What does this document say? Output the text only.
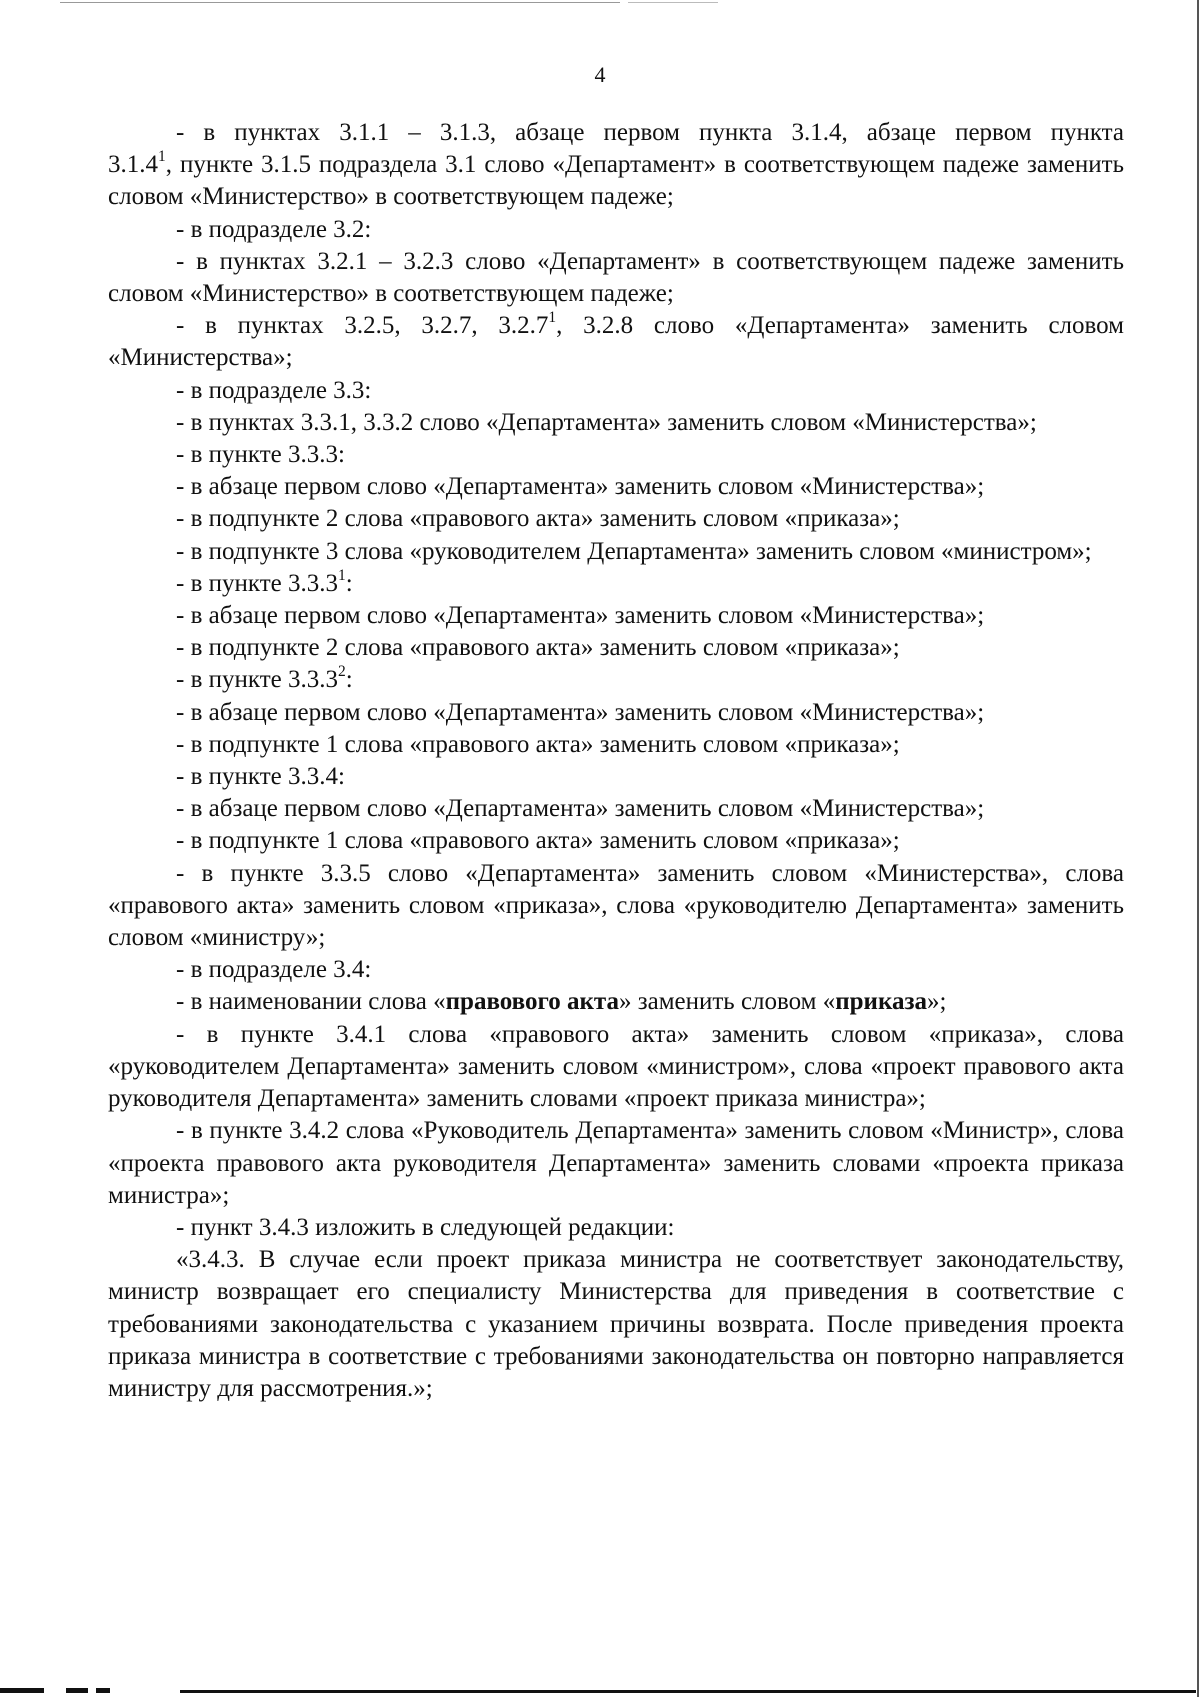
4

- в пунктах 3.1.1 – 3.1.3, абзаце первом пункта 3.1.4, абзаце первом пункта

3.1.4$^1$, пункте 3.1.5 подраздела 3.1 слово «Департамент» в соответствующем падеже заменить словом «Министерство» в соответствующем падеже;

- в подразделе 3.2:

- в пунктах 3.2.1 – 3.2.3 слово «Департамент» в соответствующем падеже заменить словом «Министерство» в соответствующем падеже;

- в пунктах 3.2.5, 3.2.7, 3.2.7$^1$, 3.2.8 слово «Департамента» заменить словом «Министерства»;

- в подразделе 3.3:

- в пунктах 3.3.1, 3.3.2 слово «Департамента» заменить словом «Министерства»;

- в пункте 3.3.3:

- в абзаце первом слово «Департамента» заменить словом «Министерства»;

- в подпункте 2 слова «правового акта» заменить словом «приказа»;

- в подпункте 3 слова «руководителем Департамента» заменить словом «министром»;

- в пункте 3.3.3$^1$:

- в абзаце первом слово «Департамента» заменить словом «Министерства»;

- в подпункте 2 слова «правового акта» заменить словом «приказа»;

- в пункте 3.3.3$^2$:

- в абзаце первом слово «Департамента» заменить словом «Министерства»;

- в подпункте 1 слова «правового акта» заменить словом «приказа»;

- в пункте 3.3.4:

- в абзаце первом слово «Департамента» заменить словом «Министерства»;

- в подпункте 1 слова «правового акта» заменить словом «приказа»;

- в пункте 3.3.5 слово «Департамента» заменить словом «Министерства», слова «правового акта» заменить словом «приказа», слова «руководителю Департамента» заменить словом «министру»;

- в подразделе 3.4:

- в наименовании слова «правового акта» заменить словом «приказа»;

- в пункте 3.4.1 слова «правового акта» заменить словом «приказа», слова «руководителем Департамента» заменить словом «министром», слова «проект правового акта руководителя Департамента» заменить словами «проект приказа министра»;

- в пункте 3.4.2 слова «Руководитель Департамента» заменить словом «Министр», слова «проекта правового акта руководителя Департамента» заменить словами «проекта приказа министра»;

- пункт 3.4.3 изложить в следующей редакции:

«3.4.3. В случае если проект приказа министра не соответствует законодательству, министр возвращает его специалисту Министерства для приведения в соответствие с требованиями законодательства с указанием причины возврата. После приведения проекта приказа министра в соответствие с требованиями законодательства он повторно направляется министру для рассмотрения.»;
